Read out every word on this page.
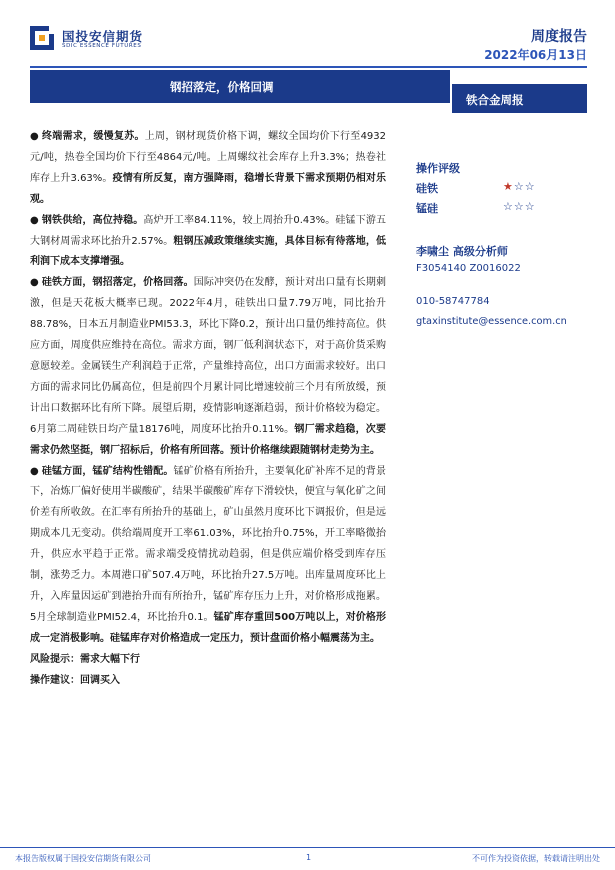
国投安信期货
SDIC ESSENCE FUTURES
周度报告
2022年06月13日
钢招落定，价格回调
铁合金周报

● 终端需求，缓慢复苏。上周，钢材现货价格下调，螺纹全国均价下行至4932元/吨，热卷全国均价下行至4864元/吨。上周螺纹社会库存上升3.3%；热卷社库存上升3.63%。疫情有所反复，南方强降雨，稳增长背景下需求预期仍相对乐观。

● 钢铁供给，高位持稳。高炉开工率84.11%，较上周抬升0.43%。硅锰下游五大钢材周需求环比抬升2.57%。粗钢压减政策继续实施，具体目标有待落地，低利润下成本支撑增强。

● 硅铁方面，钢招落定，价格回落。国际冲突仍在发酵，预计对出口量有长期刺激，但是天花板大概率已现。2022年4月，硅铁出口量7.79万吨，同比抬升88.78%，日本五月制造业PMI53.3，环比下降0.2，预计出口量仍维持高位。供应方面，周度供应维持在高位。需求方面，钢厂低利润状态下，对于高价货采购意愿较差。金属镁生产利润趋于正常，产量维持高位，出口方面需求较好。出口方面的需求同比仍属高位，但是前四个月累计同比增速较前三个月有所放缓，预计出口数据环比有所下降。展望后期，疫情影响逐渐趋弱，预计价格较为稳定。6月第二周硅铁日均产量18176吨，周度环比抬升0.11%。钢厂需求趋稳，次要需求仍然坚挺，钢厂招标后，价格有所回落。预计价格继续跟随钢材走势为主。

● 硅锰方面，锰矿结构性错配。锰矿价格有所抬升，主要氧化矿补库不足的背景下，冶炼厂偏好使用半碳酸矿，结果半碳酸矿库存下滑较快，便宜与氧化矿之间价差有所收敛。在汇率有所抬升的基础上，矿山虽然月度环比下调报价，但是远期成本几无变动。供给端周度开工率61.03%，环比抬升0.75%，开工率略微抬升，供应水平趋于正常。需求端受疫情扰动趋弱，但是供应端价格受到库存压制，涨势乏力。本周港口矿507.4万吨，环比抬升27.5万吨。出库量周度环比上升，入库量因运矿到港抬升而有所抬升，锰矿库存压力上升，对价格形成拖累。5月全球制造业PMI52.4，环比抬升0.1。锰矿库存重回500万吨以上，对价格形成一定消极影响。硅锰库存对价格造成一定压力，预计盘面价格小幅震荡为主。

风险提示：需求大幅下行

操作建议：回调买入

操作评级
硅铁	★☆☆
锰硅	☆☆☆
李啸尘 高级分析师
F3054140 Z0016022
010-58747784
gtaxinstitute@essence.com.cn
本报告版权属于国投安信期货有限公司	1	不可作为投资依据，转载请注明出处
